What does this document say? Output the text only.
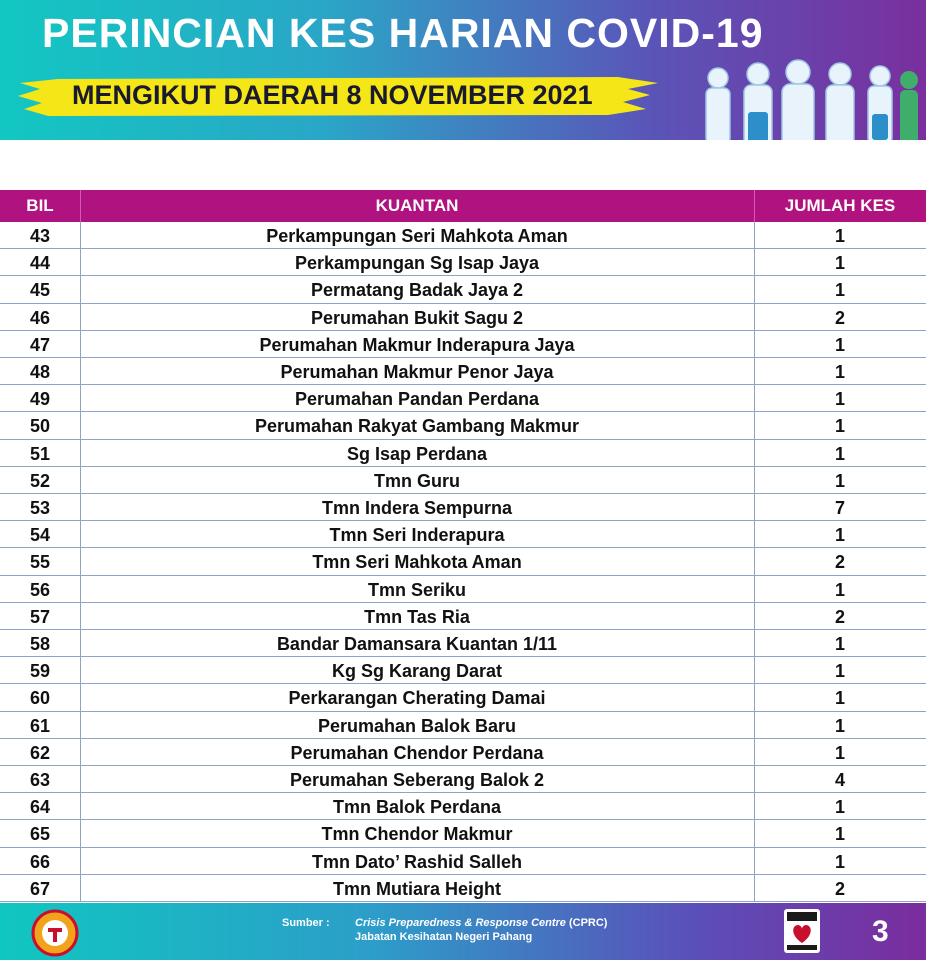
PERINCIAN KES HARIAN COVID-19
MENGIKUT DAERAH 8 NOVEMBER 2021
BIL	KUANTAN	JUMLAH KES
43	Perkampungan Seri Mahkota Aman	1
44	Perkampungan Sg Isap Jaya	1
45	Permatang Badak Jaya 2	1
46	Perumahan Bukit Sagu 2	2
47	Perumahan Makmur Inderapura Jaya	1
48	Perumahan Makmur Penor Jaya	1
49	Perumahan Pandan Perdana	1
50	Perumahan Rakyat Gambang Makmur	1
51	Sg Isap Perdana	1
52	Tmn Guru	1
53	Tmn Indera Sempurna	7
54	Tmn Seri Inderapura	1
55	Tmn Seri Mahkota Aman	2
56	Tmn Seriku	1
57	Tmn Tas Ria	2
58	Bandar Damansara Kuantan 1/11	1
59	Kg Sg Karang Darat	1
60	Perkarangan Cherating Damai	1
61	Perumahan Balok Baru	1
62	Perumahan Chendor Perdana	1
63	Perumahan Seberang Balok 2	4
64	Tmn Balok Perdana	1
65	Tmn Chendor Makmur	1
66	Tmn Dato’ Rashid Salleh	1
67	Tmn Mutiara Height	2
Sumber : Crisis Preparedness & Response Centre (CPRC)
Jabatan Kesihatan Negeri Pahang	3
